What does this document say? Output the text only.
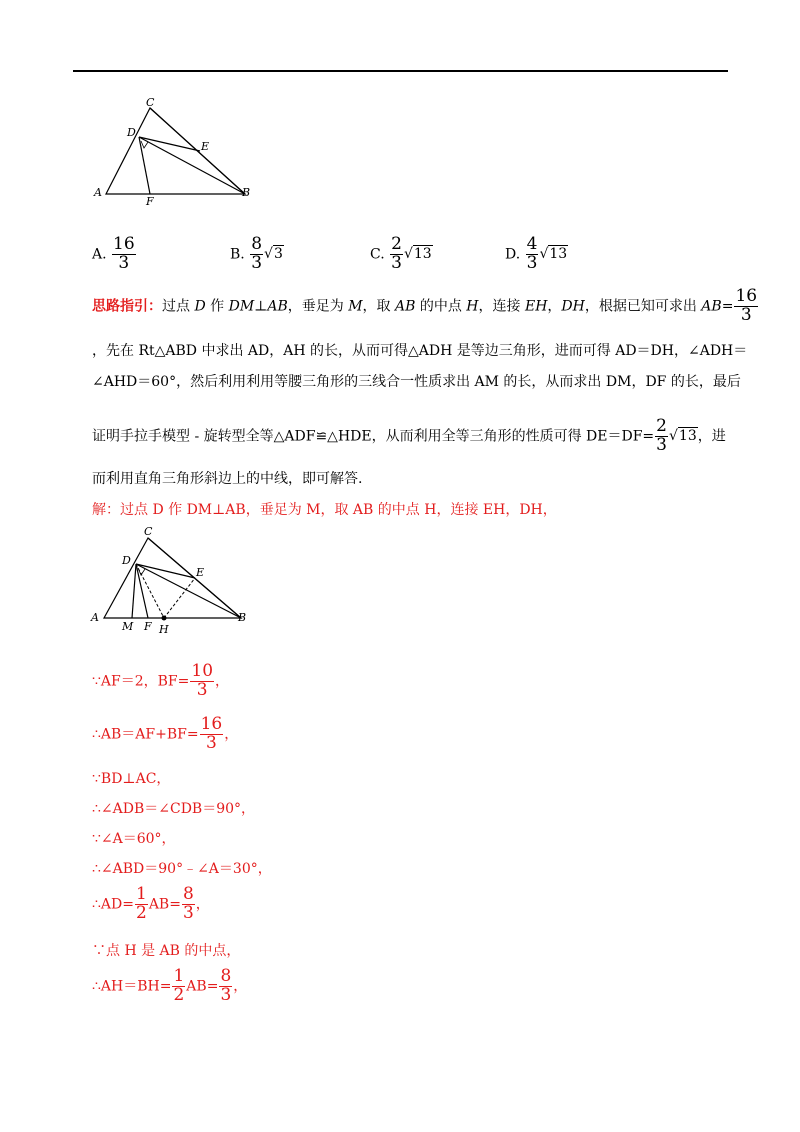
C
D
E
A
F
B
A. $\frac{16}{3}$	B. $\frac{8}{3} √3$	C. $\frac{2}{3} √13$	D. $\frac{4}{3} √13$
思路指引：过点 D 作 DM⊥AB，垂足为 M，取 AB 的中点 H，连接 EH，DH，根据已知可求出 $AB= \frac{16}{3}$
，先在 Rt△ABD 中求出 AD，AH 的长，从而可得△ADH 是等边三角形，进而可得 AD＝DH，∠ADH＝
∠AHD＝60°，然后利用利用等腰三角形的三线合一性质求出 AM 的长，从而求出 DM，DF 的长，最后
证明手拉手模型 - 旋转型全等△ADF≌△HDE，从而利用全等三角形的性质可得 $DE=DF= \frac{2}{3} √13$，进
而利用直角三角形斜边上的中线，即可解答.
解：过点 D 作 DM⊥AB，垂足为 M，取 AB 的中点 H，连接 EH，DH，
C
D
E
A
M F H
B
∵AF＝2，$BF= \frac{10}{3}$ ，
∴AB＝AF+BF= $\frac{16}{3}$ ，
∵BD⊥AC，
∴∠ADB＝∠CDB＝90°，
∵∠A＝60°，
∴∠ABD＝90°﹣∠A＝30°，
∴AD= $\frac{1}{2} AB= \frac{8}{3}$ ，
∵点 H 是 AB 的中点，
∴AH＝BH= $\frac{1}{2} AB= \frac{8}{3}$ ，
